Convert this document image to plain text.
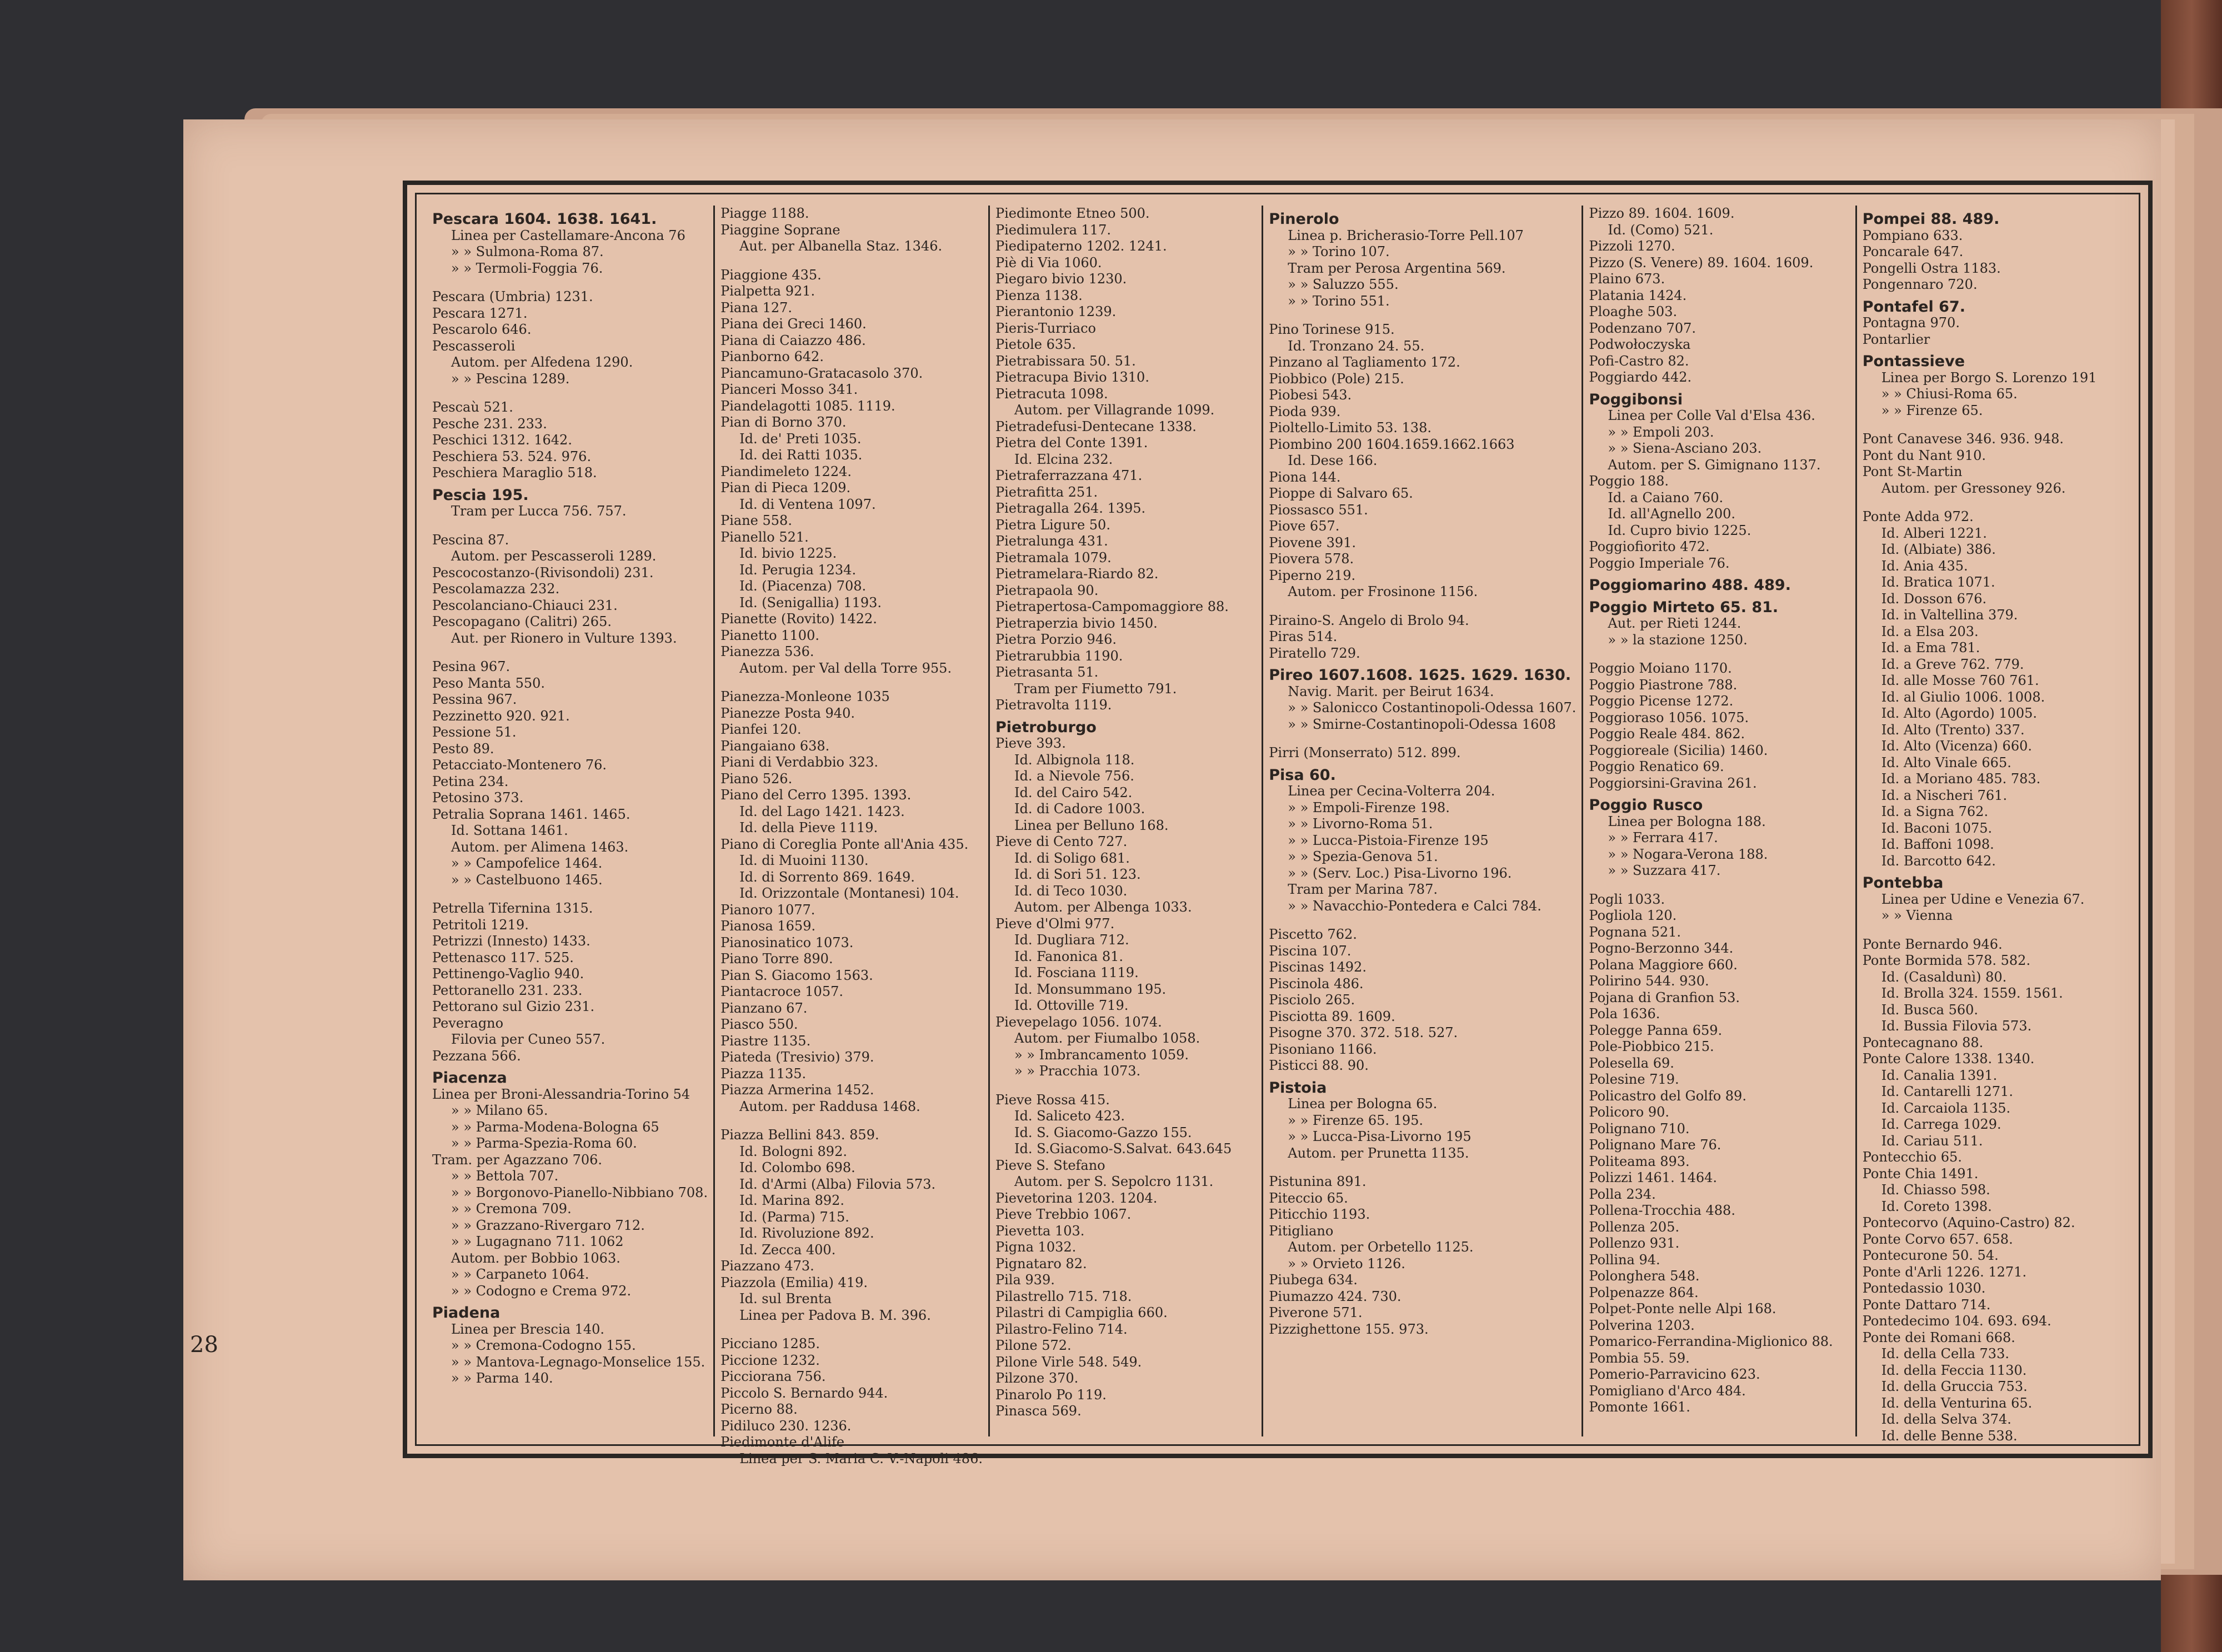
Pescara 1604. 1638. 1641.
Linea per Castellamare-Ancona 76
» » Sulmona-Roma 87.
» » Termoli-Foggia 76.
Pescara (Umbria) 1231.
Pescara 1271.
Pescarolo 646.
Pescasseroli
Autom. per Alfedena 1290.
» » Pescina 1289.
Pescaù 521.
Pesche 231. 233.
Peschici 1312. 1642.
Peschiera 53. 524. 976.
Peschiera Maraglio 518.
Pescia 195.
Tram per Lucca 756. 757.
Pescina 87.
Autom. per Pescasseroli 1289.
Pescocostanzo-(Rivisondoli) 231.
Pescolamazza 232.
Pescolanciano-Chiauci 231.
Pescopagano (Calitri) 265.
Aut. per Rionero in Vulture 1393.
Pesina 967.
Peso Manta 550.
Pessina 967.
Pezzinetto 920. 921.
Pessione 51.
Pesto 89.
Petacciato-Montenero 76.
Petina 234.
Petosino 373.
Petralia Soprana 1461. 1465.
Id. Sottana 1461.
Autom. per Alimena 1463.
» » Campofelice 1464.
» » Castelbuono 1465.
Petrella Tifernina 1315.
Petritoli 1219.
Petrizzi (Innesto) 1433.
Pettenasco 117. 525.
Pettinengo-Vaglio 940.
Pettoranello 231. 233.
Pettorano sul Gizio 231.
Peveragno
Filovia per Cuneo 557.
Pezzana 566.
Piacenza
Linea per Broni-Alessandria-Torino 54
» » Milano 65.
» » Parma-Modena-Bologna 65
» » Parma-Spezia-Roma 60.
Tram. per Agazzano 706.
» » Bettola 707.
» » Borgonovo-Pianello-Nibbiano 708.
» » Cremona 709.
» » Grazzano-Rivergaro 712.
» » Lugagnano 711. 1062
Autom. per Bobbio 1063.
» » Carpaneto 1064.
» » Codogno e Crema 972.
Piadena
Linea per Brescia 140.
» » Cremona-Codogno 155.
» » Mantova-Legnago-Monselice 155.
» » Parma 140.
Piagge 1188.
Piaggine Soprane
Aut. per Albanella Staz. 1346.
Piaggione 435.
Pialpetta 921.
Piana 127.
Piana dei Greci 1460.
Piana di Caiazzo 486.
Pianborno 642.
Piancamuno-Gratacasolo 370.
Pianceri Mosso 341.
Piandelagotti 1085. 1119.
Pian di Borno 370.
Id. de' Preti 1035.
Id. dei Ratti 1035.
Piandimeleto 1224.
Pian di Pieca 1209.
Id. di Ventena 1097.
Piane 558.
Pianello 521.
Id. bivio 1225.
Id. Perugia 1234.
Id. (Piacenza) 708.
Id. (Senigallia) 1193.
Pianette (Rovito) 1422.
Pianetto 1100.
Pianezza 536.
Autom. per Val della Torre 955.
Pianezza-Monleone 1035
Pianezze Posta 940.
Pianfei 120.
Piangaiano 638.
Piani di Verdabbio 323.
Piano 526.
Piano del Cerro 1395. 1393.
Id. del Lago 1421. 1423.
Id. della Pieve 1119.
Piano di Coreglia Ponte all'Ania 435.
Id. di Muoini 1130.
Id. di Sorrento 869. 1649.
Id. Orizzontale (Montanesi) 104.
Pianoro 1077.
Pianosa 1659.
Pianosinatico 1073.
Piano Torre 890.
Pian S. Giacomo 1563.
Piantacroce 1057.
Pianzano 67.
Piasco 550.
Piastre 1135.
Piateda (Tresivio) 379.
Piazza 1135.
Piazza Armerina 1452.
Autom. per Raddusa 1468.
Piazza Bellini 843. 859.
Id. Bologni 892.
Id. Colombo 698.
Id. d'Armi (Alba) Filovia 573.
Id. Marina 892.
Id. (Parma) 715.
Id. Rivoluzione 892.
Id. Zecca 400.
Piazzano 473.
Piazzola (Emilia) 419.
Id. sul Brenta
Linea per Padova B. M. 396.
Picciano 1285.
Piccione 1232.
Picciorana 756.
Piccolo S. Bernardo 944.
Picerno 88.
Pidiluco 230. 1236.
Piedimonte d'Alife
Linea per S. Maria C. V.-Napoli 486.
Piedimonte Etneo 500.
Piedimulera 117.
Piedipaterno 1202. 1241.
Piè di Via 1060.
Piegaro bivio 1230.
Pienza 1138.
Pierantonio 1239.
Pieris-Turriaco
Pietole 635.
Pietrabissara 50. 51.
Pietracupa Bivio 1310.
Pietracuta 1098.
Autom. per Villagrande 1099.
Pietradefusi-Dentecane 1338.
Pietra del Conte 1391.
Id. Elcina 232.
Pietraferrazzana 471.
Pietrafitta 251.
Pietragalla 264. 1395.
Pietra Ligure 50.
Pietralunga 431.
Pietramala 1079.
Pietramelara-Riardo 82.
Pietrapaola 90.
Pietrapertosa-Campomaggiore 88.
Pietraperzia bivio 1450.
Pietra Porzio 946.
Pietrarubbia 1190.
Pietrasanta 51.
Tram per Fiumetto 791.
Pietravolta 1119.
Pietroburgo
Pieve 393.
Id. Albignola 118.
Id. a Nievole 756.
Id. del Cairo 542.
Id. di Cadore 1003.
Linea per Belluno 168.
Pieve di Cento 727.
Id. di Soligo 681.
Id. di Sori 51. 123.
Id. di Teco 1030.
Autom. per Albenga 1033.
Pieve d'Olmi 977.
Id. Dugliara 712.
Id. Fanonica 81.
Id. Fosciana 1119.
Id. Monsummano 195.
Id. Ottoville 719.
Pievepelago 1056. 1074.
Autom. per Fiumalbo 1058.
» » Imbrancamento 1059.
» » Pracchia 1073.
Pieve Rossa 415.
Id. Saliceto 423.
Id. S. Giacomo-Gazzo 155.
Id. S.Giacomo-S.Salvat. 643.645
Pieve S. Stefano
Autom. per S. Sepolcro 1131.
Pievetorina 1203. 1204.
Pieve Trebbio 1067.
Pievetta 103.
Pigna 1032.
Pignataro 82.
Pila 939.
Pilastrello 715. 718.
Pilastri di Campiglia 660.
Pilastro-Felino 714.
Pilone 572.
Pilone Virle 548. 549.
Pilzone 370.
Pinarolo Po 119.
Pinasca 569.
Pinerolo
Linea p. Bricherasio-Torre Pell.107
» » Torino 107.
Tram per Perosa Argentina 569.
» » Saluzzo 555.
» » Torino 551.
Pino Torinese 915.
Id. Tronzano 24. 55.
Pinzano al Tagliamento 172.
Piobbico (Pole) 215.
Piobesi 543.
Pioda 939.
Pioltello-Limito 53. 138.
Piombino 200 1604.1659.1662.1663
Id. Dese 166.
Piona 144.
Pioppe di Salvaro 65.
Piossasco 551.
Piove 657.
Piovene 391.
Piovera 578.
Piperno 219.
Autom. per Frosinone 1156.
Piraino-S. Angelo di Brolo 94.
Piras 514.
Piratello 729.
Pireo 1607.1608. 1625. 1629. 1630.
Navig. Marit. per Beirut 1634.
» » Salonicco Costantinopoli-Odessa 1607.
» » Smirne-Costantinopoli-Odessa 1608
Pirri (Monserrato) 512. 899.
Pisa 60.
Linea per Cecina-Volterra 204.
» » Empoli-Firenze 198.
» » Livorno-Roma 51.
» » Lucca-Pistoia-Firenze 195
» » Spezia-Genova 51.
» » (Serv. Loc.) Pisa-Livorno 196.
Tram per Marina 787.
» » Navacchio-Pontedera e Calci 784.
Piscetto 762.
Piscina 107.
Piscinas 1492.
Piscinola 486.
Pisciolo 265.
Pisciotta 89. 1609.
Pisogne 370. 372. 518. 527.
Pisoniano 1166.
Pisticci 88. 90.
Pistoia
Linea per Bologna 65.
» » Firenze 65. 195.
» » Lucca-Pisa-Livorno 195
Autom. per Prunetta 1135.
Pistunina 891.
Piteccio 65.
Piticchio 1193.
Pitigliano
Autom. per Orbetello 1125.
» » Orvieto 1126.
Piubega 634.
Piumazzo 424. 730.
Piverone 571.
Pizzighettone 155. 973.
Pizzo 89. 1604. 1609.
Id. (Como) 521.
Pizzoli 1270.
Pizzo (S. Venere) 89. 1604. 1609.
Plaino 673.
Platania 1424.
Ploaghe 503.
Podenzano 707.
Podwołoczyska
Pofi-Castro 82.
Poggiardo 442.
Poggibonsi
Linea per Colle Val d'Elsa 436.
» » Empoli 203.
» » Siena-Asciano 203.
Autom. per S. Gimignano 1137.
Poggio 188.
Id. a Caiano 760.
Id. all'Agnello 200.
Id. Cupro bivio 1225.
Poggiofiorito 472.
Poggio Imperiale 76.
Poggiomarino 488. 489.
Poggio Mirteto 65. 81.
Aut. per Rieti 1244.
» » la stazione 1250.
Poggio Moiano 1170.
Poggio Piastrone 788.
Poggio Picense 1272.
Poggioraso 1056. 1075.
Poggio Reale 484. 862.
Poggioreale (Sicilia) 1460.
Poggio Renatico 69.
Poggiorsini-Gravina 261.
Poggio Rusco
Linea per Bologna 188.
» » Ferrara 417.
» » Nogara-Verona 188.
» » Suzzara 417.
Pogli 1033.
Pogliola 120.
Pognana 521.
Pogno-Berzonno 344.
Polana Maggiore 660.
Polirino 544. 930.
Pojana di Granfion 53.
Pola 1636.
Polegge Panna 659.
Pole-Piobbico 215.
Polesella 69.
Polesine 719.
Policastro del Golfo 89.
Policoro 90.
Polignano 710.
Polignano Mare 76.
Politeama 893.
Polizzi 1461. 1464.
Polla 234.
Pollena-Trocchia 488.
Pollenza 205.
Pollenzo 931.
Pollina 94.
Polonghera 548.
Polpenazze 864.
Polpet-Ponte nelle Alpi 168.
Polverina 1203.
Pomarico-Ferrandina-Miglionico 88.
Pombia 55. 59.
Pomerio-Parravicino 623.
Pomigliano d'Arco 484.
Pomonte 1661.
Pompei 88. 489.
Pompiano 633.
Poncarale 647.
Pongelli Ostra 1183.
Pongennaro 720.
Pontafel 67.
Pontagna 970.
Pontarlier
Pontassieve
Linea per Borgo S. Lorenzo 191
» » Chiusi-Roma 65.
» » Firenze 65.
Pont Canavese 346. 936. 948.
Pont du Nant 910.
Pont St-Martin
Autom. per Gressoney 926.
Ponte Adda 972.
Id. Alberi 1221.
Id. (Albiate) 386.
Id. Ania 435.
Id. Bratica 1071.
Id. Dosson 676.
Id. in Valtellina 379.
Id. a Elsa 203.
Id. a Ema 781.
Id. a Greve 762. 779.
Id. alle Mosse 760 761.
Id. al Giulio 1006. 1008.
Id. Alto (Agordo) 1005.
Id. Alto (Trento) 337.
Id. Alto (Vicenza) 660.
Id. Alto Vinale 665.
Id. a Moriano 485. 783.
Id. a Nischeri 761.
Id. a Signa 762.
Id. Baconi 1075.
Id. Baffoni 1098.
Id. Barcotto 642.
Pontebba
Linea per Udine e Venezia 67.
» » Vienna
Ponte Bernardo 946.
Ponte Bormida 578. 582.
Id. (Casaldunì) 80.
Id. Brolla 324. 1559. 1561.
Id. Busca 560.
Id. Bussia Filovia 573.
Pontecagnano 88.
Ponte Calore 1338. 1340.
Id. Canalia 1391.
Id. Cantarelli 1271.
Id. Carcaiola 1135.
Id. Carrega 1029.
Id. Cariau 511.
Pontecchio 65.
Ponte Chia 1491.
Id. Chiasso 598.
Id. Coreto 1398.
Pontecorvo (Aquino-Castro) 82.
Ponte Corvo 657. 658.
Pontecurone 50. 54.
Ponte d'Arli 1226. 1271.
Pontedassio 1030.
Ponte Dattaro 714.
Pontedecimo 104. 693. 694.
Ponte dei Romani 668.
Id. della Cella 733.
Id. della Feccia 1130.
Id. della Gruccia 753.
Id. della Venturina 65.
Id. della Selva 374.
Id. delle Benne 538.
28
